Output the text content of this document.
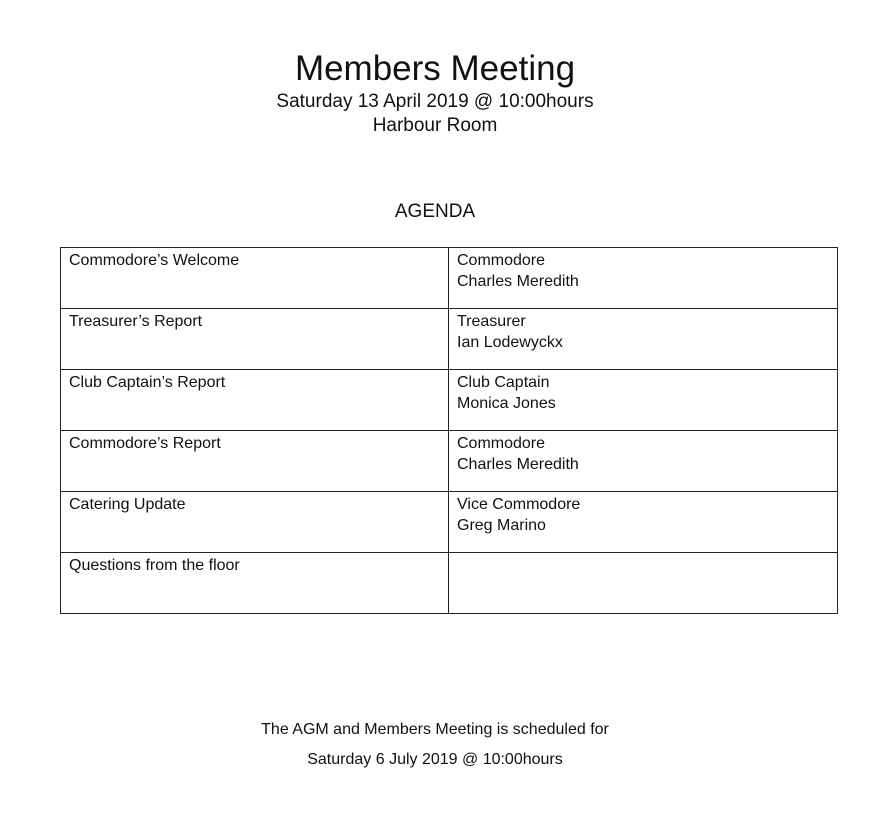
Members Meeting
Saturday 13 April 2019 @ 10:00hours
Harbour Room
AGENDA
Commodore’s Welcome	Commodore
Charles Meredith

Treasurer’s Report	Treasurer
Ian Lodewyckx

Club Captain’s Report	Club Captain
Monica Jones

Commodore’s Report	Commodore
Charles Meredith

Catering Update	Vice Commodore
Greg Marino

Questions from the floor	
The AGM and Members Meeting is scheduled for
Saturday 6 July 2019 @ 10:00hours
